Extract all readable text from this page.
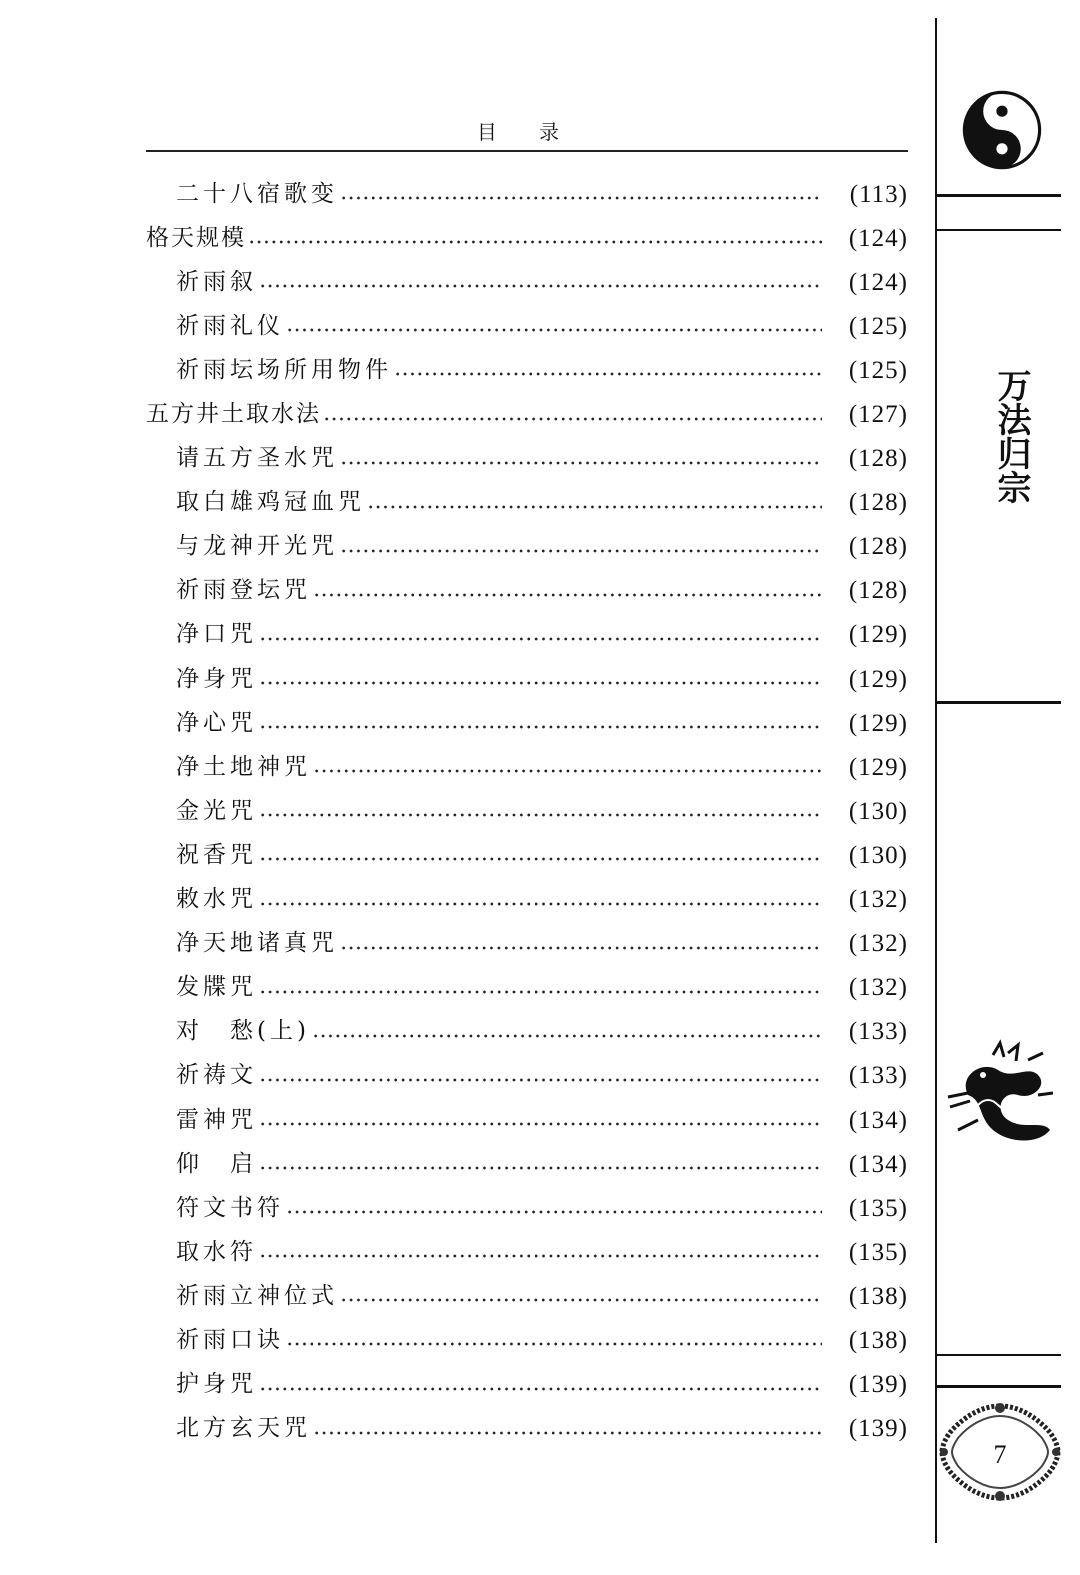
目 录
二十八宿歌变	(113)
格天规模	(124)
祈雨叙	(124)
祈雨礼仪	(125)
祈雨坛场所用物件	(125)
五方井土取水法	(127)
请五方圣水咒	(128)
取白雄鸡冠血咒	(128)
与龙神开光咒	(128)
祈雨登坛咒	(128)
净口咒	(129)
净身咒	(129)
净心咒	(129)
净土地神咒	(129)
金光咒	(130)
祝香咒	(130)
敕水咒	(132)
净天地诸真咒	(132)
发牒咒	(132)
对　愁(上)	(133)
祈祷文	(133)
雷神咒	(134)
仰　启	(134)
符文书符	(135)
取水符	(135)
祈雨立神位式	(138)
祈雨口诀	(138)
护身咒	(139)
北方玄天咒	(139)
万法归宗
7
